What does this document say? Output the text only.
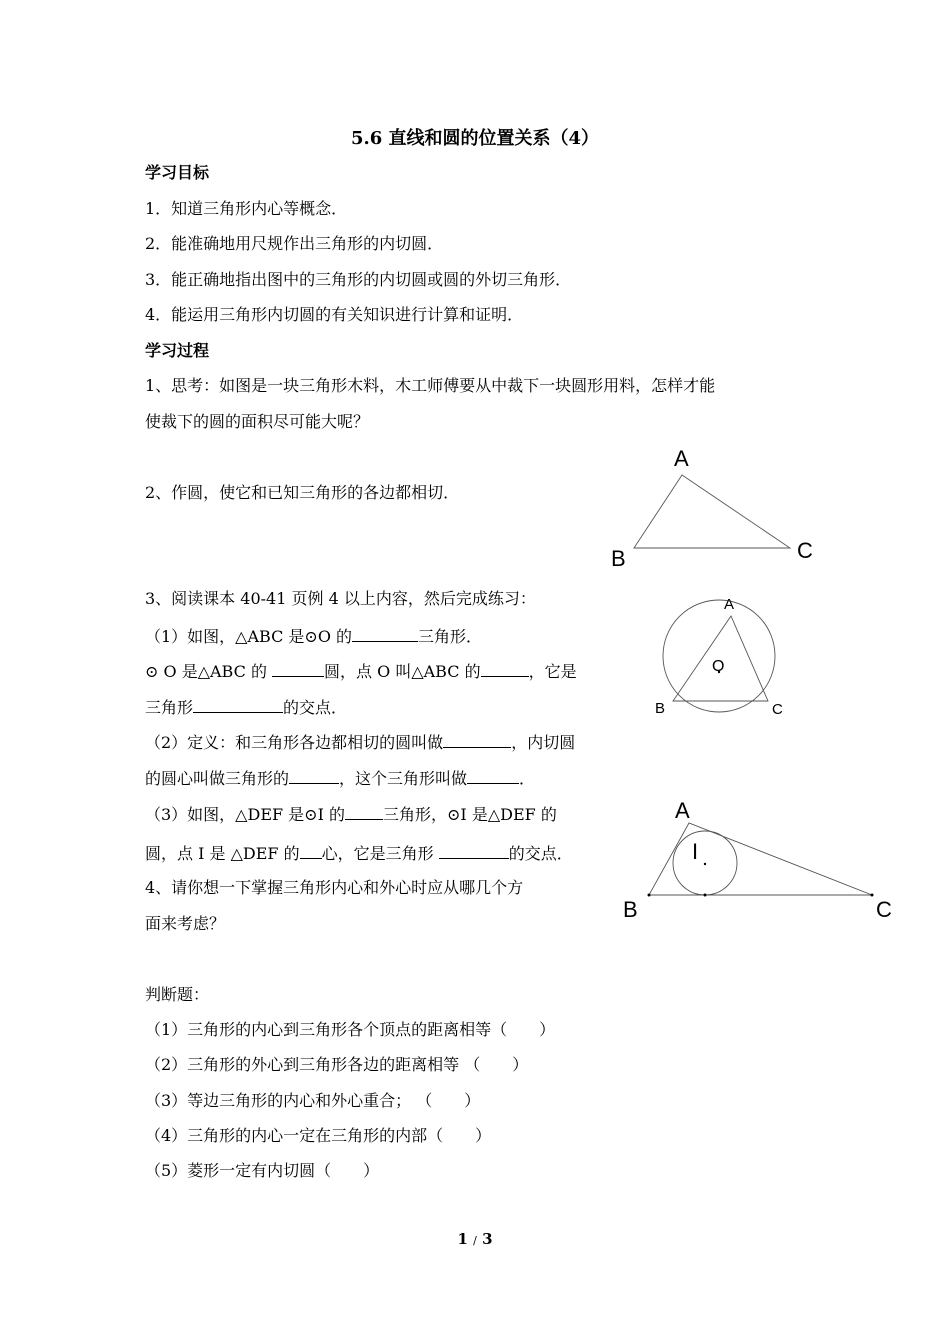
5.6 直线和圆的位置关系（4）
学习目标
1．知道三角形内心等概念．
2．能准确地用尺规作出三角形的内切圆．
3．能正确地指出图中的三角形的内切圆或圆的外切三角形．
4．能运用三角形内切圆的有关知识进行计算和证明．
学习过程
1、思考：如图是一块三角形木料，木工师傅要从中裁下一块圆形用料，怎样才能
使裁下的圆的面积尽可能大呢？
2、作圆，使它和已知三角形的各边都相切．
3、阅读课本 40-41 页例 4 以上内容，然后完成练习：
（1）如图，△ABC 是⊙O 的	三角形．
⊙ O 是△ABC 的	圆，点 O 叫△ABC 的	，它是
三角形	的交点．
（2）定义：和三角形各边都相切的圆叫做	，内切圆
的圆心叫做三角形的	，这个三角形叫做	．
（3）如图，△DEF 是⊙I 的 三角形，⊙I 是△DEF 的
圆，点 I 是 △DEF 的 心，它是三角形	的交点．
4、请你想一下掌握三角形内心和外心时应从哪几个方
面来考虑？
判断题：
（1）三角形的内心到三角形各个顶点的距离相等（　　）
（2）三角形的外心到三角形各边的距离相等 （　　）
（3）等边三角形的内心和外心重合； （　　）
（4）三角形的内心一定在三角形的内部（　　）
（5）菱形一定有内切圆（　　）
A
B	C
A
O
B	C
A
I
B	C
1 / 3
